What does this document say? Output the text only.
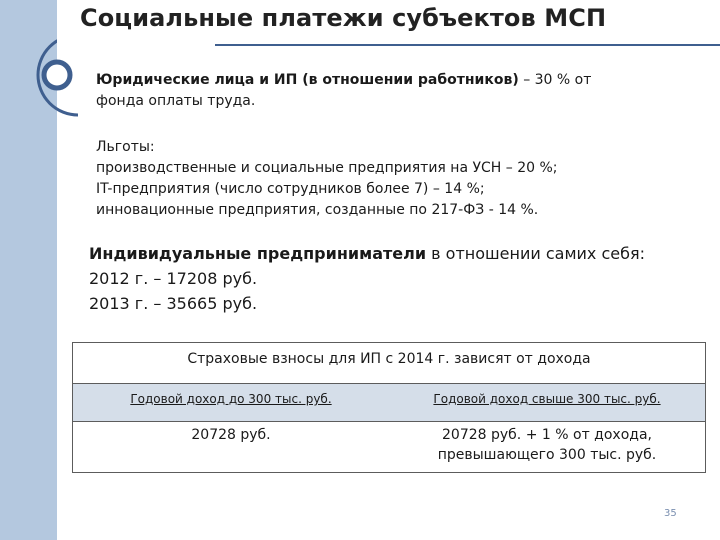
Социальные платежи субъектов МСП
Юридические лица и ИП (в отношении работников) – 30 % от
фонда оплаты труда.
Льготы:
производственные и социальные предприятия на УСН – 20 %;
IT-предприятия (число сотрудников более 7) – 14 %;
инновационные предприятия, созданные по 217-ФЗ - 14 %.
Индивидуальные предприниматели в отношении самих себя:
2012 г. – 17208 руб.
2013 г. – 35665 руб.
Страховые взносы для ИП с 2014 г. зависят от дохода
Годовой доход до 300 тыс. руб.	Годовой доход свыше 300 тыс. руб.
20728 руб.	20728 руб. + 1 % от дохода,
превышающего 300 тыс. руб.
35
